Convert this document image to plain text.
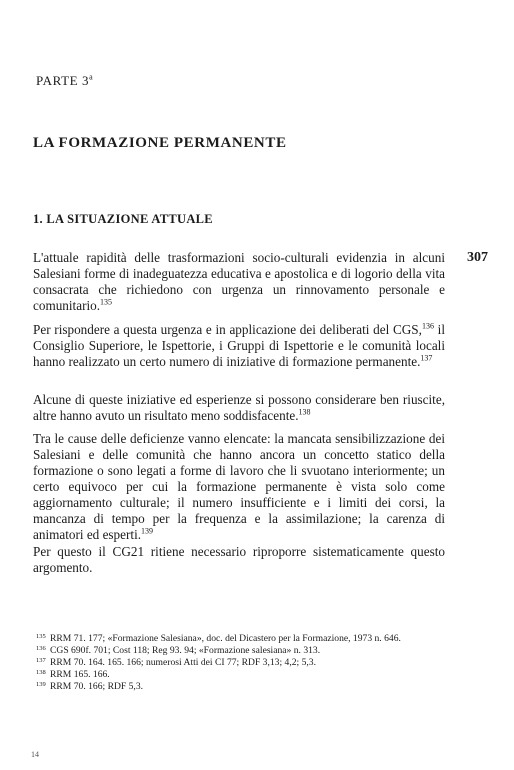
PARTE 3$^a$
LA FORMAZIONE PERMANENTE
1. LA SITUAZIONE ATTUALE
307

L'attuale rapidità delle trasformazioni socio-culturali evidenzia in alcuni Salesiani forme di inadeguatezza educativa e apostolica e di logorio della vita consacrata che richiedono con urgenza un rinnovamento personale e comunitario.$^{135}$

Per rispondere a questa urgenza e in applicazione dei deliberati del CGS,$^{136}$ il Consiglio Superiore, le Ispettorie, i Gruppi di Ispettorie e le comunità locali hanno realizzato un certo numero di iniziative di formazione permanente.$^{137}$

Alcune di queste iniziative ed esperienze si possono considerare ben riuscite, altre hanno avuto un risultato meno soddisfacente.$^{138}$

Tra le cause delle deficienze vanno elencate: la mancata sensibilizzazione dei Salesiani e delle comunità che hanno ancora un concetto statico della formazione o sono legati a forme di lavoro che li svuotano interiormente; un certo equivoco per cui la formazione permanente è vista solo come aggiornamento culturale; il numero insufficiente e i limiti dei corsi, la mancanza di tempo per la frequenza e la assimilazione; la carenza di animatori ed esperti.$^{139}$

Per questo il CG21 ritiene necessario riproporre sistematicamente questo argomento.

135 RRM 71. 177; «Formazione Salesiana», doc. del Dicastero per la Formazione, 1973 n. 646.
136 CGS 690f. 701; Cost 118; Reg 93. 94; «Formazione salesiana» n. 313.
137 RRM 70. 164. 165. 166; numerosi Atti dei CI 77; RDF 3,13; 4,2; 5,3.
138 RRM 165. 166.
139 RRM 70. 166; RDF 5,3.
14
